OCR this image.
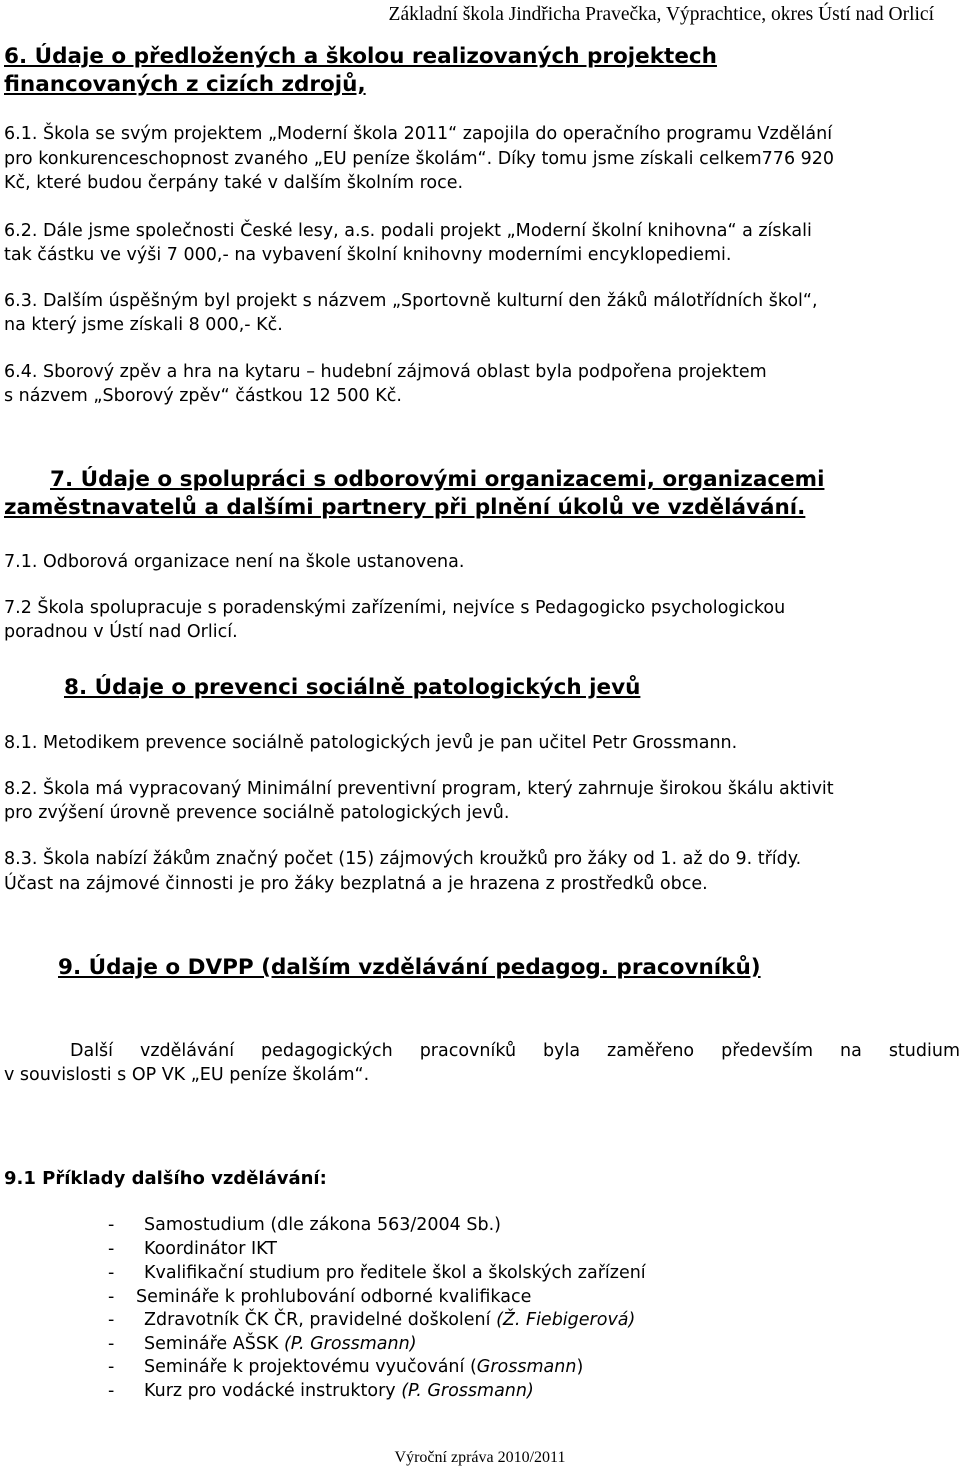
Základní škola Jindřicha Pravečka, Výprachtice, okres Ústí nad Orlicí
6. Údaje o předložených a školou realizovaných projektech
financovaných z cizích zdrojů,
6.1. Škola se svým projektem „Moderní škola 2011“ zapojila do operačního programu Vzdělání
pro konkurenceschopnost zvaného „EU peníze školám“. Díky tomu jsme získali celkem776 920
Kč, které budou čerpány také v dalším školním roce.
6.2. Dále jsme společnosti České lesy, a.s. podali projekt „Moderní školní knihovna“ a získali
tak částku ve výši 7 000,- na vybavení školní knihovny moderními encyklopediemi.
6.3. Dalším úspěšným byl projekt s názvem „Sportovně kulturní den žáků málotřídních škol“,
na který jsme získali 8 000,- Kč.
6.4. Sborový zpěv a hra na kytaru – hudební zájmová oblast byla podpořena projektem
s názvem „Sborový zpěv“ částkou 12 500 Kč.
7. Údaje o spolupráci s odborovými organizacemi, organizacemi
zaměstnavatelů a dalšími partnery při plnění úkolů ve vzdělávání.
7.1. Odborová organizace není na škole ustanovena.
7.2 Škola spolupracuje s poradenskými zařízeními, nejvíce s Pedagogicko psychologickou
poradnou v Ústí nad Orlicí.
8. Údaje o prevenci sociálně patologických jevů
8.1. Metodikem prevence sociálně patologických jevů je pan učitel Petr Grossmann.
8.2. Škola má vypracovaný Minimální preventivní program, který zahrnuje širokou škálu aktivit
pro zvýšení úrovně prevence sociálně patologických jevů.
8.3. Škola nabízí žákům značný počet (15) zájmových kroužků pro žáky od 1. až do 9. třídy.
Účast na zájmové činnosti je pro žáky bezplatná a je hrazena z prostředků obce.
9. Údaje o DVPP (dalším vzdělávání pedagog. pracovníků)
Další vzdělávání pedagogických pracovníků byla zaměřeno především na studium
v souvislosti s OP VK „EU peníze školám“.
9.1 Příklady dalšího vzdělávání:
- Samostudium (dle zákona 563/2004 Sb.)
- Koordinátor IKT
- Kvalifikační studium pro ředitele škol a školských zařízení
- Semináře k prohlubování odborné kvalifikace
- Zdravotník ČK ČR, pravidelné doškolení (Ž. Fiebigerová)
- Semináře AŠSK (P. Grossmann)
- Semináře k projektovému vyučování (Grossmann)
- Kurz pro vodácké instruktory (P. Grossmann)
Výroční zpráva 2010/2011
